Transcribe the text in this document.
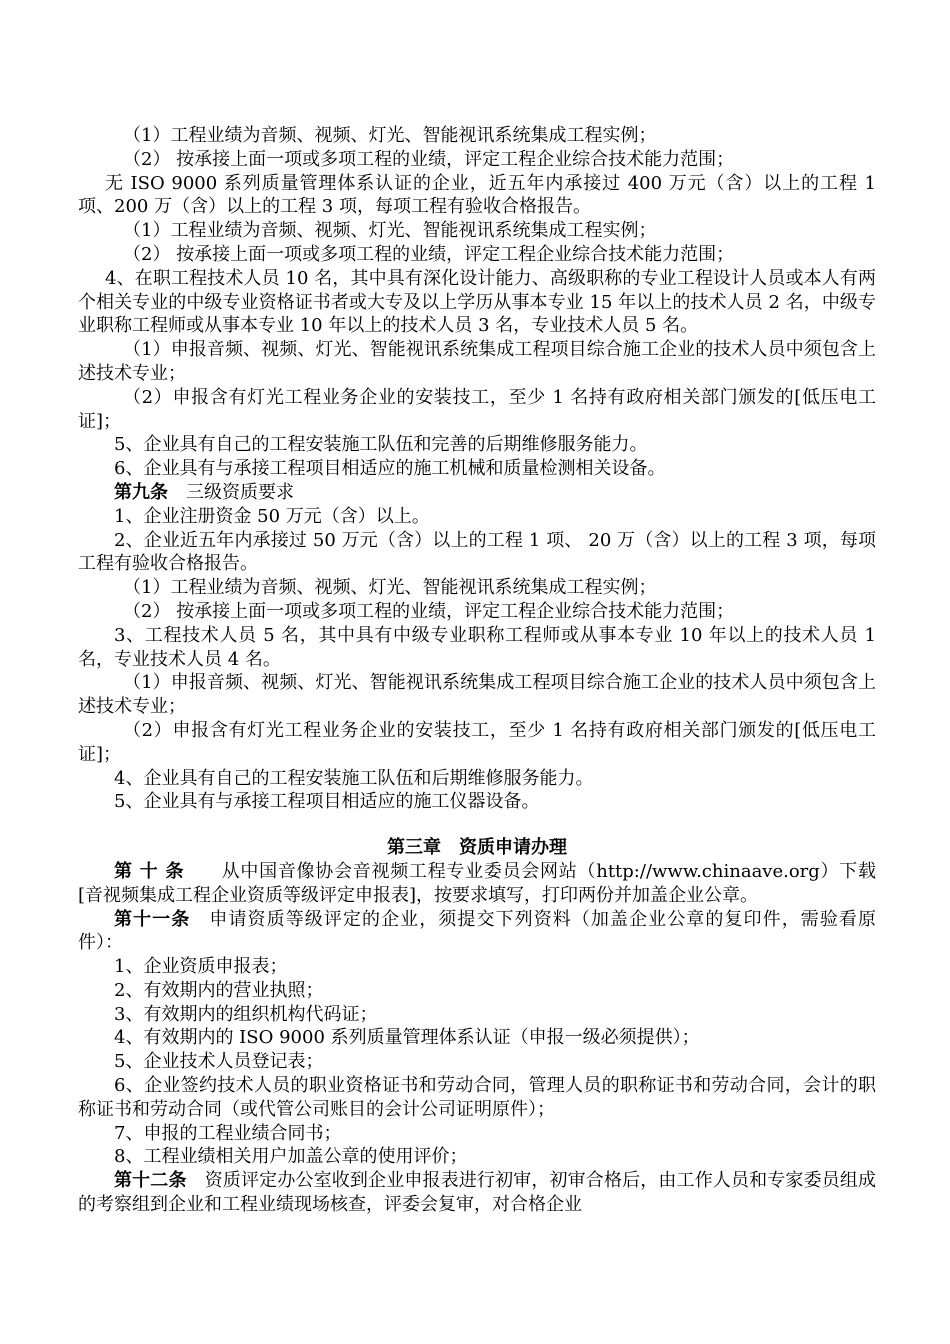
（1）工程业绩为音频、视频、灯光、智能视讯系统集成工程实例；

（2） 按承接上面一项或多项工程的业绩，评定工程企业综合技术能力范围；

无 ISO 9000 系列质量管理体系认证的企业，近五年内承接过 400 万元（含）以上的工程 1 项、200 万（含）以上的工程 3 项，每项工程有验收合格报告。

（1）工程业绩为音频、视频、灯光、智能视讯系统集成工程实例；

（2） 按承接上面一项或多项工程的业绩，评定工程企业综合技术能力范围；

4、在职工程技术人员 10 名，其中具有深化设计能力、高级职称的专业工程设计人员或本人有两个相关专业的中级专业资格证书者或大专及以上学历从事本专业 15 年以上的技术人员 2 名，中级专业职称工程师或从事本专业 10 年以上的技术人员 3 名，专业技术人员 5 名。

（1）申报音频、视频、灯光、智能视讯系统集成工程项目综合施工企业的技术人员中须包含上述技术专业；

（2）申报含有灯光工程业务企业的安装技工，至少 1 名持有政府相关部门颁发的[低压电工证]；

5、企业具有自己的工程安装施工队伍和完善的后期维修服务能力。

6、企业具有与承接工程项目相适应的施工机械和质量检测相关设备。

第九条　三级资质要求

1、企业注册资金 50 万元（含）以上。

2、企业近五年内承接过 50 万元（含）以上的工程 1 项、 20 万（含）以上的工程 3 项，每项工程有验收合格报告。

（1）工程业绩为音频、视频、灯光、智能视讯系统集成工程实例；

（2） 按承接上面一项或多项工程的业绩，评定工程企业综合技术能力范围；

3、工程技术人员 5 名，其中具有中级专业职称工程师或从事本专业 10 年以上的技术人员 1 名，专业技术人员 4 名。

（1）申报音频、视频、灯光、智能视讯系统集成工程项目综合施工企业的技术人员中须包含上述技术专业；

（2）申报含有灯光工程业务企业的安装技工，至少 1 名持有政府相关部门颁发的[低压电工证]；

4、企业具有自己的工程安装施工队伍和后期维修服务能力。

5、企业具有与承接工程项目相适应的施工仪器设备。

第三章　资质申请办理

第 十 条　　从中国音像协会音视频工程专业委员会网站（http://www.chinaave.org）下载[音视频集成工程企业资质等级评定申报表]，按要求填写，打印两份并加盖企业公章。

第十一条　申请资质等级评定的企业，须提交下列资料（加盖企业公章的复印件，需验看原件）：

1、企业资质申报表；

2、有效期内的营业执照；

3、有效期内的组织机构代码证；

4、有效期内的 ISO 9000 系列质量管理体系认证（申报一级必须提供）；

5、企业技术人员登记表；

6、企业签约技术人员的职业资格证书和劳动合同，管理人员的职称证书和劳动合同，会计的职称证书和劳动合同（或代管公司账目的会计公司证明原件）；

7、申报的工程业绩合同书；

8、工程业绩相关用户加盖公章的使用评价；

第十二条　资质评定办公室收到企业申报表进行初审，初审合格后，由工作人员和专家委员组成的考察组到企业和工程业绩现场核查，评委会复审，对合格企业
